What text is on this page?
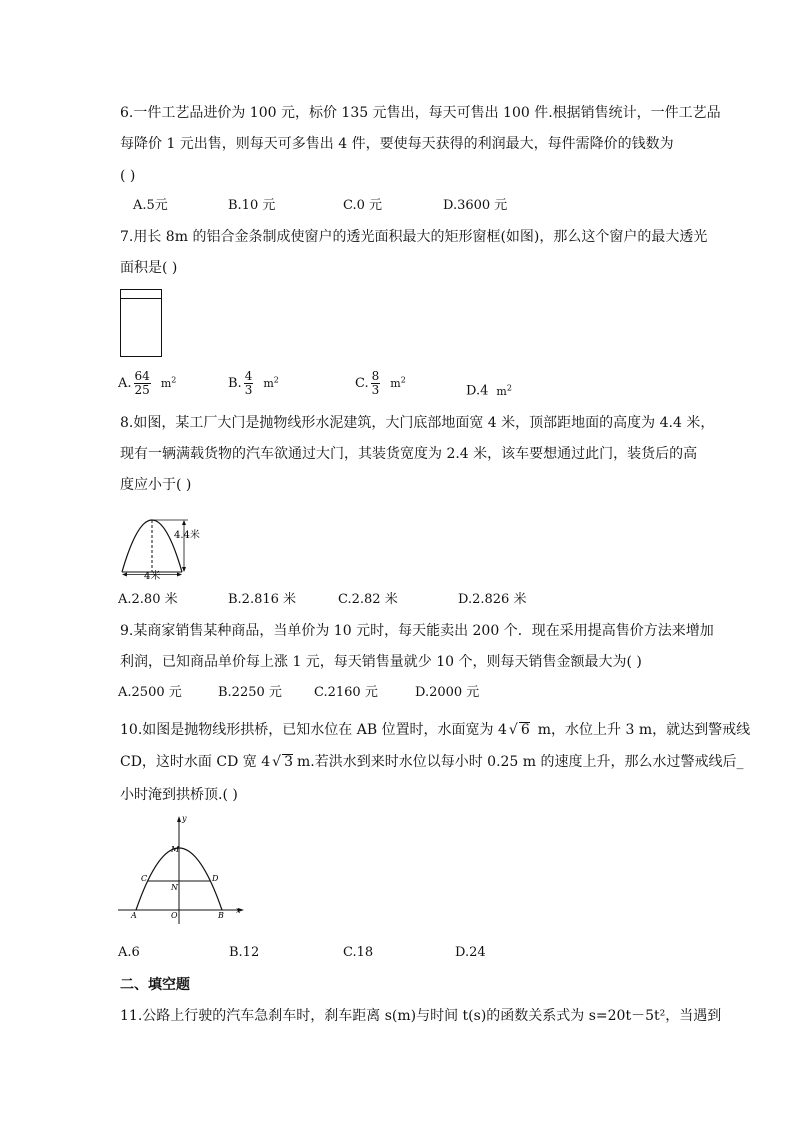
6.一件工艺品进价为 100 元，标价 135 元售出，每天可售出 100 件.根据销售统计，一件工艺品
每降价 1 元出售，则每天可多售出 4 件，要使每天获得的利润最大，每件需降价的钱数为
( )
A.5元	B.10 元	C.0 元	D.3600 元
7.用长 8m 的铝合金条制成使窗户的透光面积最大的矩形窗框(如图)，那么这个窗户的最大透光
面积是( )
A. $\frac{64}{25} m^2$	B. $\frac{4}{3} m^2$	C. $\frac{8}{3} m^2$
D.4 $m^2$
8.如图，某工厂大门是抛物线形水泥建筑，大门底部地面宽 4 米，顶部距地面的高度为 4.4 米，
现有一辆满载货物的汽车欲通过大门，其装货宽度为 2.4 米，该车要想通过此门，装货后的高
度应小于( )
4.4米
4米
A.2.80 米	B.2.816 米	C.2.82 米	D.2.826 米
9.某商家销售某种商品，当单价为 10 元时，每天能卖出 200 个．现在采用提高售价方法来增加
利润，已知商品单价每上涨 1 元，每天销售量就少 10 个，则每天销售金额最大为( )
A.2500 元	B.2250 元 C.2160 元	D.2000 元
10.如图是抛物线形拱桥，已知水位在 AB 位置时，水面宽为 4 √ 6 m，水位上升 3 m，就达到警戒线
CD，这时水面 CD 宽 4 √ 3 m.若洪水到来时水位以每小时 0.25 m 的速度上升，那么水过警戒线后_
小时淹到拱桥顶.( )
x
y
M
C	D
N
A	O	B
A.6	B.12	C.18	D.24
二、填空题
11.公路上行驶的汽车急刹车时，刹车距离 s(m)与时间 t(s)的函数关系式为 s=20t－5t²，当遇到
